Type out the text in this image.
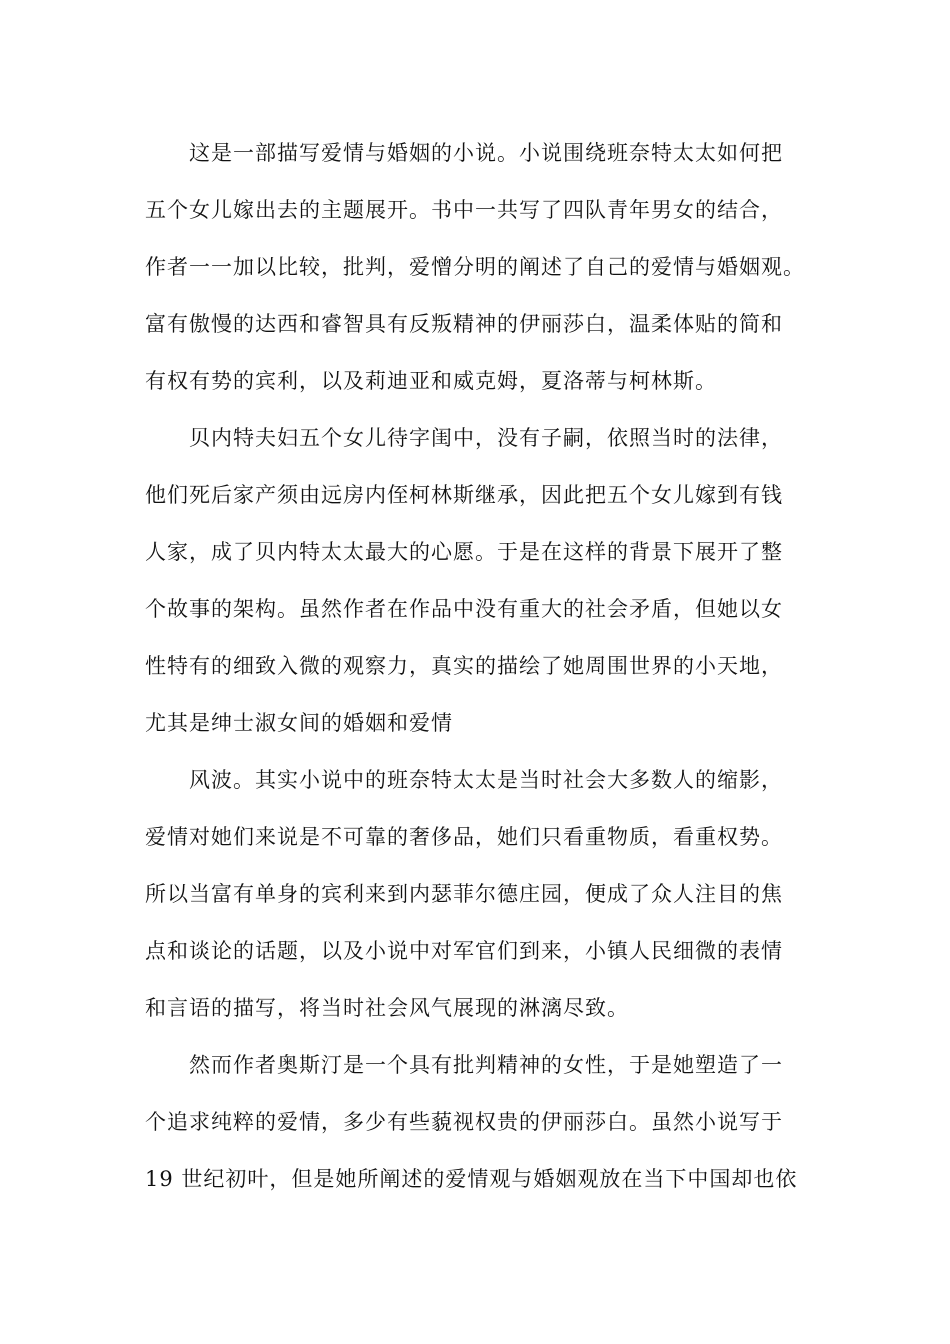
这是一部描写爱情与婚姻的小说。小说围绕班奈特太太如何把
五个女儿嫁出去的主题展开。书中一共写了四队青年男女的结合，
作者一一加以比较，批判，爱憎分明的阐述了自己的爱情与婚姻观。
富有傲慢的达西和睿智具有反叛精神的伊丽莎白，温柔体贴的简和
有权有势的宾利，以及莉迪亚和威克姆，夏洛蒂与柯林斯。
贝内特夫妇五个女儿待字闺中，没有子嗣，依照当时的法律，
他们死后家产须由远房内侄柯林斯继承，因此把五个女儿嫁到有钱
人家，成了贝内特太太最大的心愿。于是在这样的背景下展开了整
个故事的架构。虽然作者在作品中没有重大的社会矛盾，但她以女
性特有的细致入微的观察力，真实的描绘了她周围世界的小天地，
尤其是绅士淑女间的婚姻和爱情
风波。其实小说中的班奈特太太是当时社会大多数人的缩影，
爱情对她们来说是不可靠的奢侈品，她们只看重物质，看重权势。
所以当富有单身的宾利来到内瑟菲尔德庄园，便成了众人注目的焦
点和谈论的话题，以及小说中对军官们到来，小镇人民细微的表情
和言语的描写，将当时社会风气展现的淋漓尽致。
然而作者奥斯汀是一个具有批判精神的女性，于是她塑造了一
个追求纯粹的爱情，多少有些藐视权贵的伊丽莎白。虽然小说写于
19 世纪初叶，但是她所阐述的爱情观与婚姻观放在当下中国却也依
